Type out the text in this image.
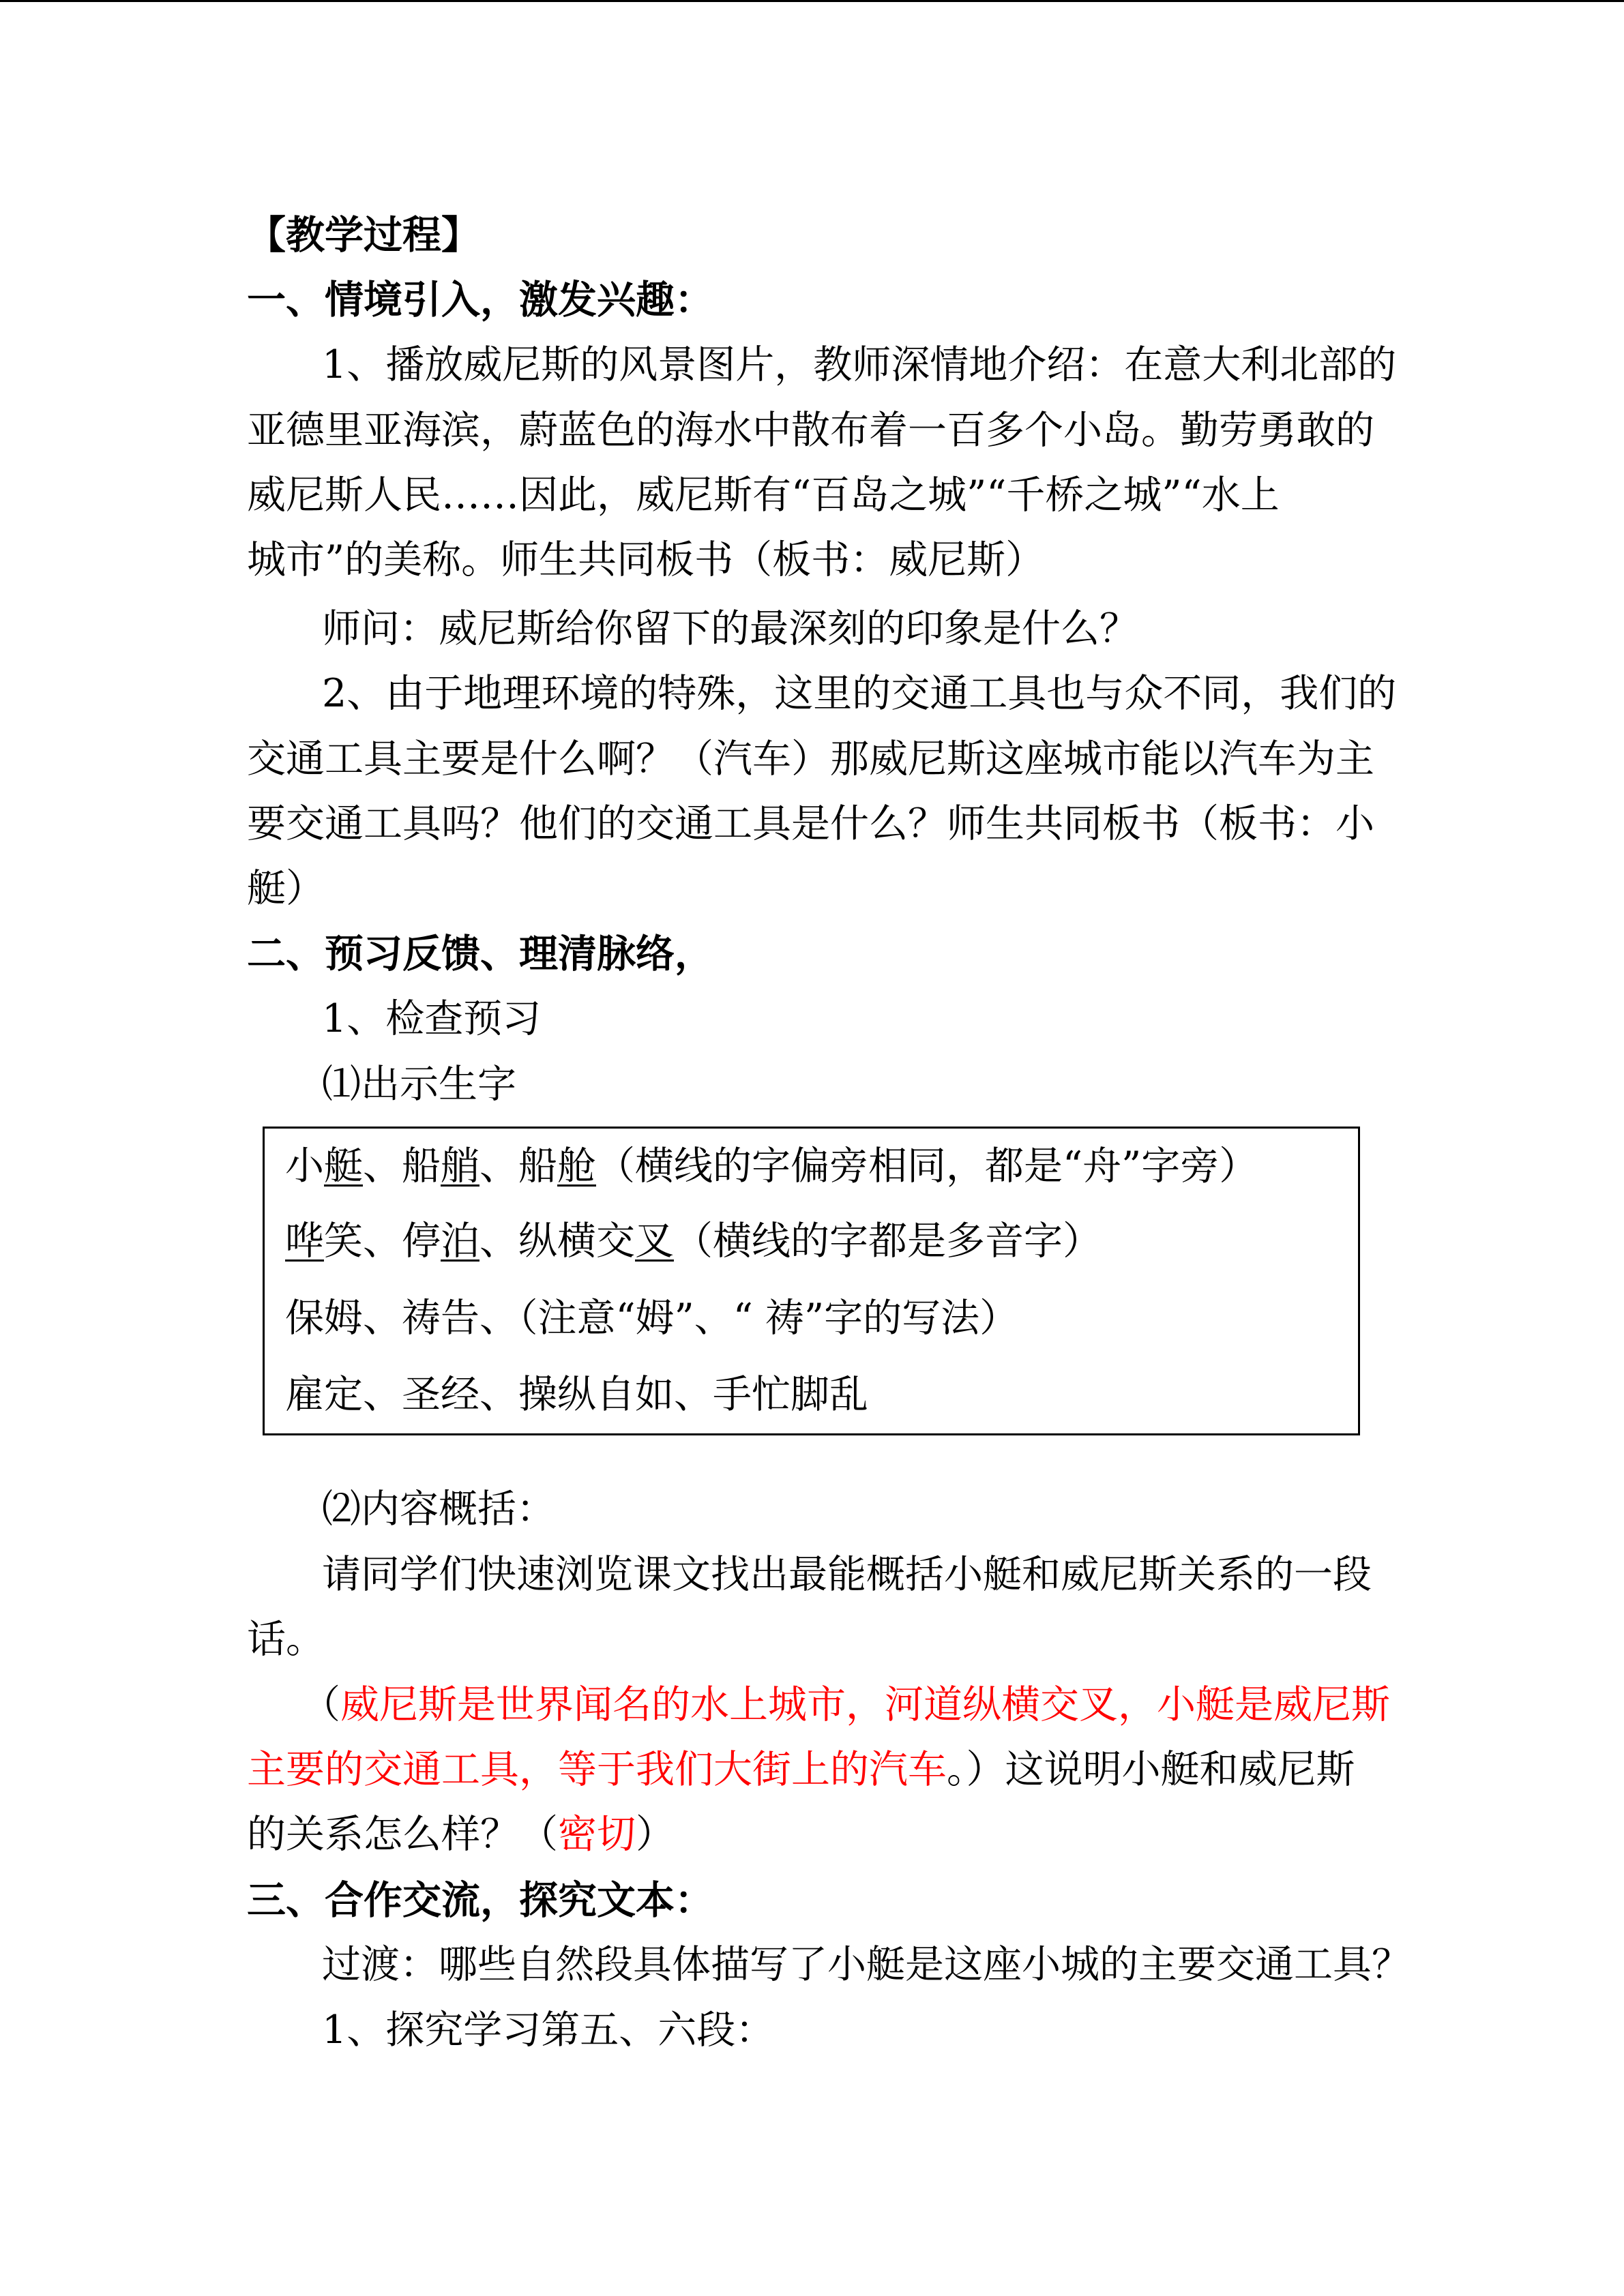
【教学过程】
一、情境引入，激发兴趣：
1、播放威尼斯的风景图片，教师深情地介绍：在意大利北部的
亚德里亚海滨，蔚蓝色的海水中散布着一百多个小岛。勤劳勇敢的
威尼斯人民……因此，威尼斯有“百岛之城”“千桥之城”“水上
城市”的美称。师生共同板书（板书：威尼斯）
师问：威尼斯给你留下的最深刻的印象是什么？
2、由于地理环境的特殊，这里的交通工具也与众不同，我们的
交通工具主要是什么啊？（汽车）那威尼斯这座城市能以汽车为主
要交通工具吗？他们的交通工具是什么？师生共同板书（板书：小
艇）
二、预习反馈、理清脉络，
1、检查预习
⑴出示生字
小艇、船艄、船舱（横线的字偏旁相同，都是“舟”字旁）
哗笑、停泊、纵横交叉（横线的字都是多音字）
保姆、祷告、（注意“姆”、“ 祷”字的写法）
雇定、圣经、操纵自如、手忙脚乱
⑵内容概括：
请同学们快速浏览课文找出最能概括小艇和威尼斯关系的一段
话。
（威尼斯是世界闻名的水上城市，河道纵横交叉，小艇是威尼斯
主要的交通工具，等于我们大街上的汽车。）这说明小艇和威尼斯
的关系怎么样？（密切）
三、合作交流，探究文本：
过渡：哪些自然段具体描写了小艇是这座小城的主要交通工具？
1、探究学习第五、六段：
